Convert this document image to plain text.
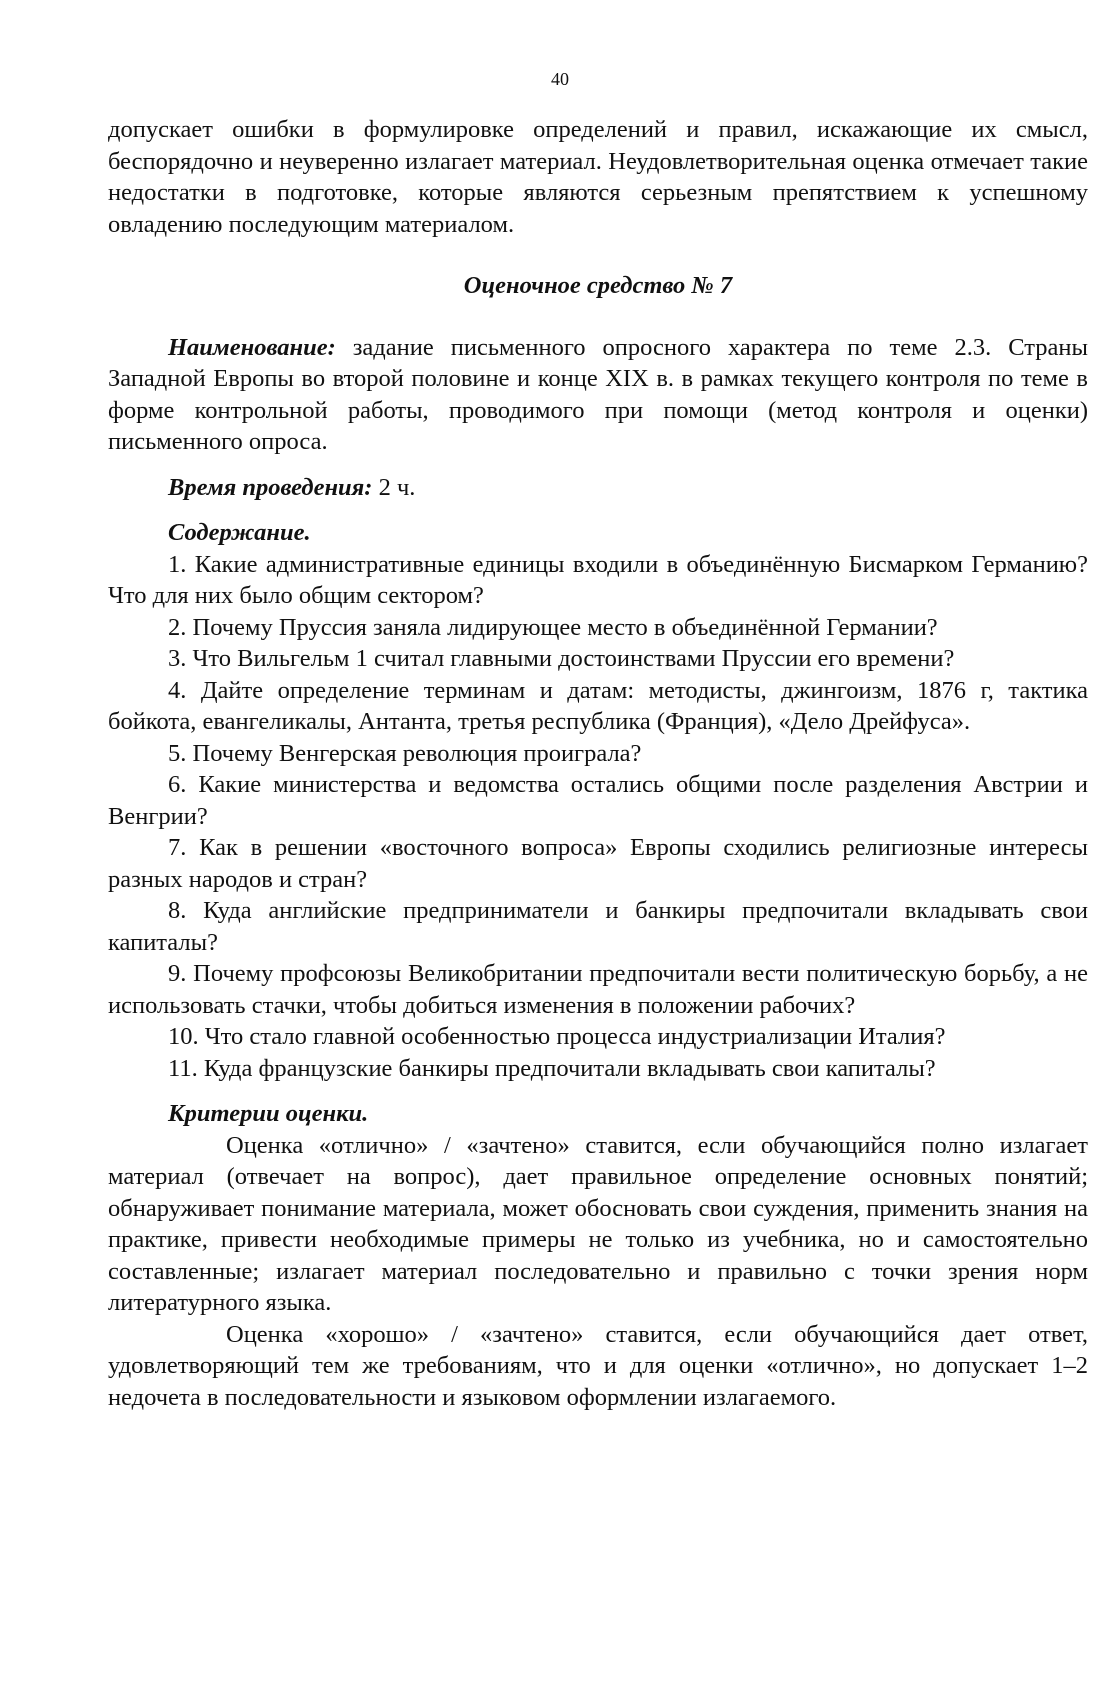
40

допускает ошибки в формулировке определений и правил, искажающие их смысл, беспорядочно и неуверенно излагает материал. Неудовлетворительная оценка отмечает такие недостатки в подготовке, которые являются серьезным препятствием к успешному овладению последующим материалом.

Оценочное средство № 7

Наименование: задание письменного опросного характера по теме 2.3. Страны Западной Европы во второй половине и конце XIX в. в рамках текущего контроля по теме в форме контрольной работы, проводимого при помощи (метод контроля и оценки) письменного опроса.

Время проведения: 2 ч.

Содержание.

1. Какие административные единицы входили в объединённую Бисмарком Германию? Что для них было общим сектором?

2. Почему Пруссия заняла лидирующее место в объединённой Германии?

3. Что Вильгельм 1 считал главными достоинствами Пруссии его времени?

4. Дайте определение терминам и датам: методисты, джингоизм, 1876 г, тактика бойкота, евангеликалы, Антанта, третья республика (Франция), «Дело Дрейфуса».

5. Почему Венгерская революция проиграла?

6. Какие министерства и ведомства остались общими после разделения Австрии и Венгрии?

7. Как в решении «восточного вопроса» Европы сходились религиозные интересы разных народов и стран?

8. Куда английские предприниматели и банкиры предпочитали вкладывать свои капиталы?

9. Почему профсоюзы Великобритании предпочитали вести политическую борьбу, а не использовать стачки, чтобы добиться изменения в положении рабочих?

10. Что стало главной особенностью процесса индустриализации Италия?

11. Куда французские банкиры предпочитали вкладывать свои капиталы?

Критерии оценки.

Оценка «отлично» / «зачтено» ставится, если обучающийся полно излагает материал (отвечает на вопрос), дает правильное определение основных понятий; обнаруживает понимание материала, может обосновать свои суждения, применить знания на практике, привести необходимые примеры не только из учебника, но и самостоятельно составленные; излагает материал последовательно и правильно с точки зрения норм литературного языка.

Оценка «хорошо» / «зачтено» ставится, если обучающийся дает ответ, удовлетворяющий тем же требованиям, что и для оценки «отлично», но допускает 1–2 недочета в последовательности и языковом оформлении излагаемого.
